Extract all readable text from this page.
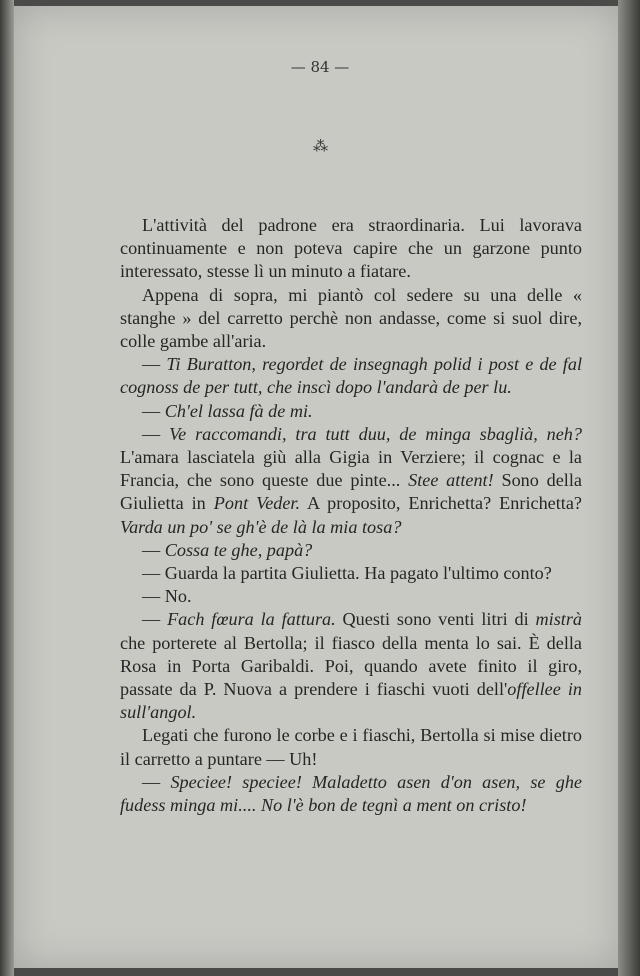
— 84 —
⁂

L'attività del padrone era straordinaria. Lui lavorava continuamente e non poteva capire che un garzone punto interessato, stesse lì un minuto a fiatare.

Appena di sopra, mi piantò col sedere su una delle « stanghe » del carretto perchè non andasse, come si suol dire, colle gambe all'aria.

— Ti Buratton, regordet de insegnagh polid i post e de fal cognoss de per tutt, che inscì dopo l'andarà de per lu.

— Ch'el lassa fà de mi.

— Ve raccomandi, tra tutt duu, de minga sbaglià, neh? L'amara lasciatela giù alla Gigia in Verziere; il cognac e la Francia, che sono queste due pinte... Stee attent! Sono della Giulietta in Pont Veder. A proposito, Enrichetta? Enrichetta? Varda un po' se gh'è de là la mia tosa?

— Cossa te ghe, papà?

— Guarda la partita Giulietta. Ha pagato l'ultimo conto?

— No.

— Fach fœura la fattura. Questi sono venti litri di mistrà che porterete al Bertolla; il fiasco della menta lo sai. È della Rosa in Porta Garibaldi. Poi, quando avete finito il giro, passate da P. Nuova a prendere i fiaschi vuoti dell'offellee in sull'angol.

Legati che furono le corbe e i fiaschi, Bertolla si mise dietro il carretto a puntare — Uh!

— Speciee! speciee! Maladetto asen d'on asen, se ghe fudess minga mi.... No l'è bon de tegnì a ment on cristo!
